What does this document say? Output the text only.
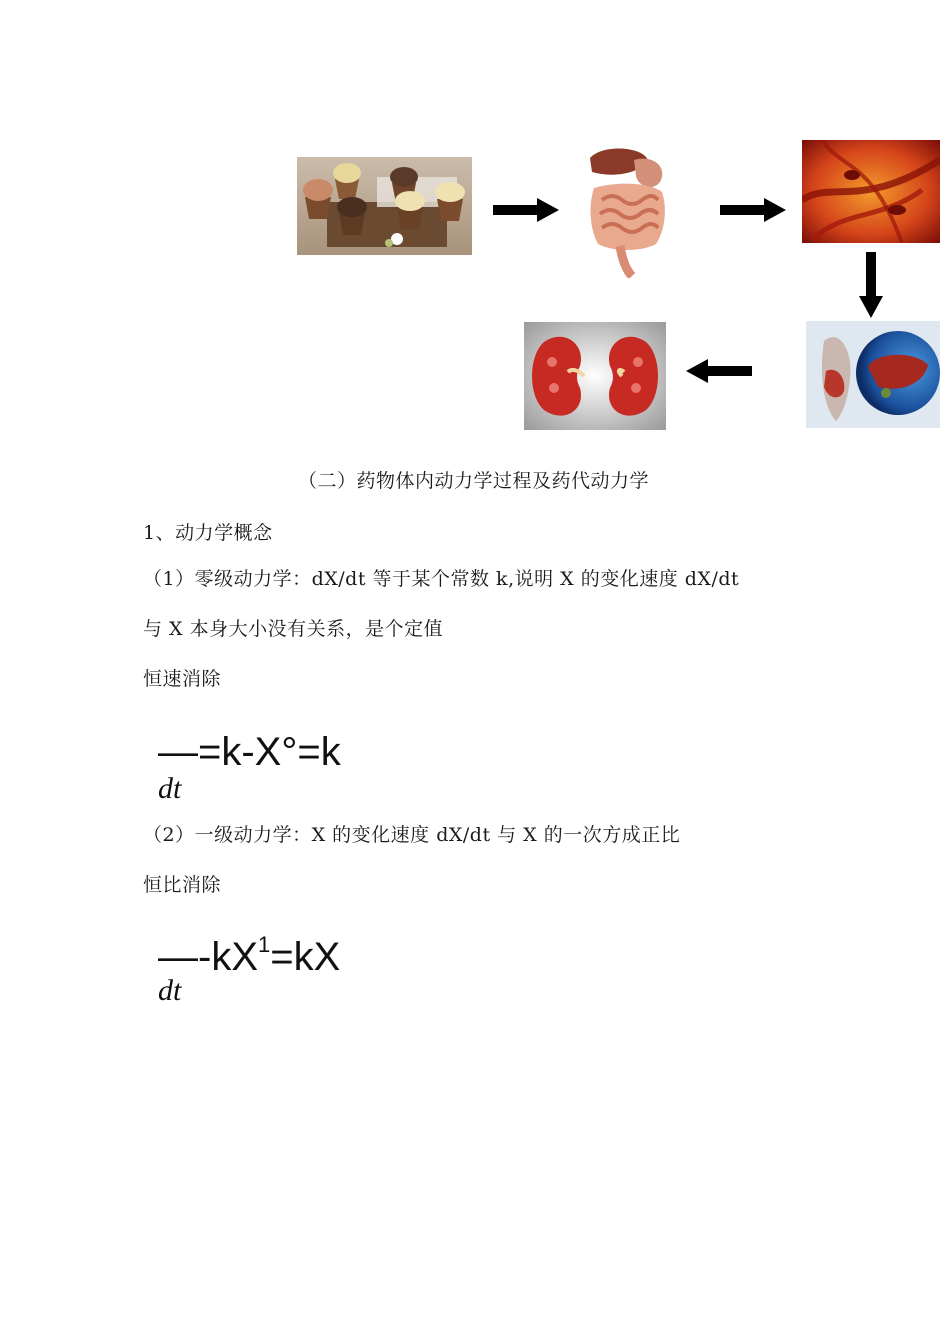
（二）药物体内动力学过程及药代动力学
1、动力学概念
（1）零级动力学：dX/dt 等于某个常数 k,说明 X 的变化速度 dX/dt
与 X 本身大小没有关系，是个定值
恒速消除
—=k-X°=k
dt
（2）一级动力学：X 的变化速度 dX/dt 与 X 的一次方成正比
恒比消除
$—-kX^1=kX$
dt
